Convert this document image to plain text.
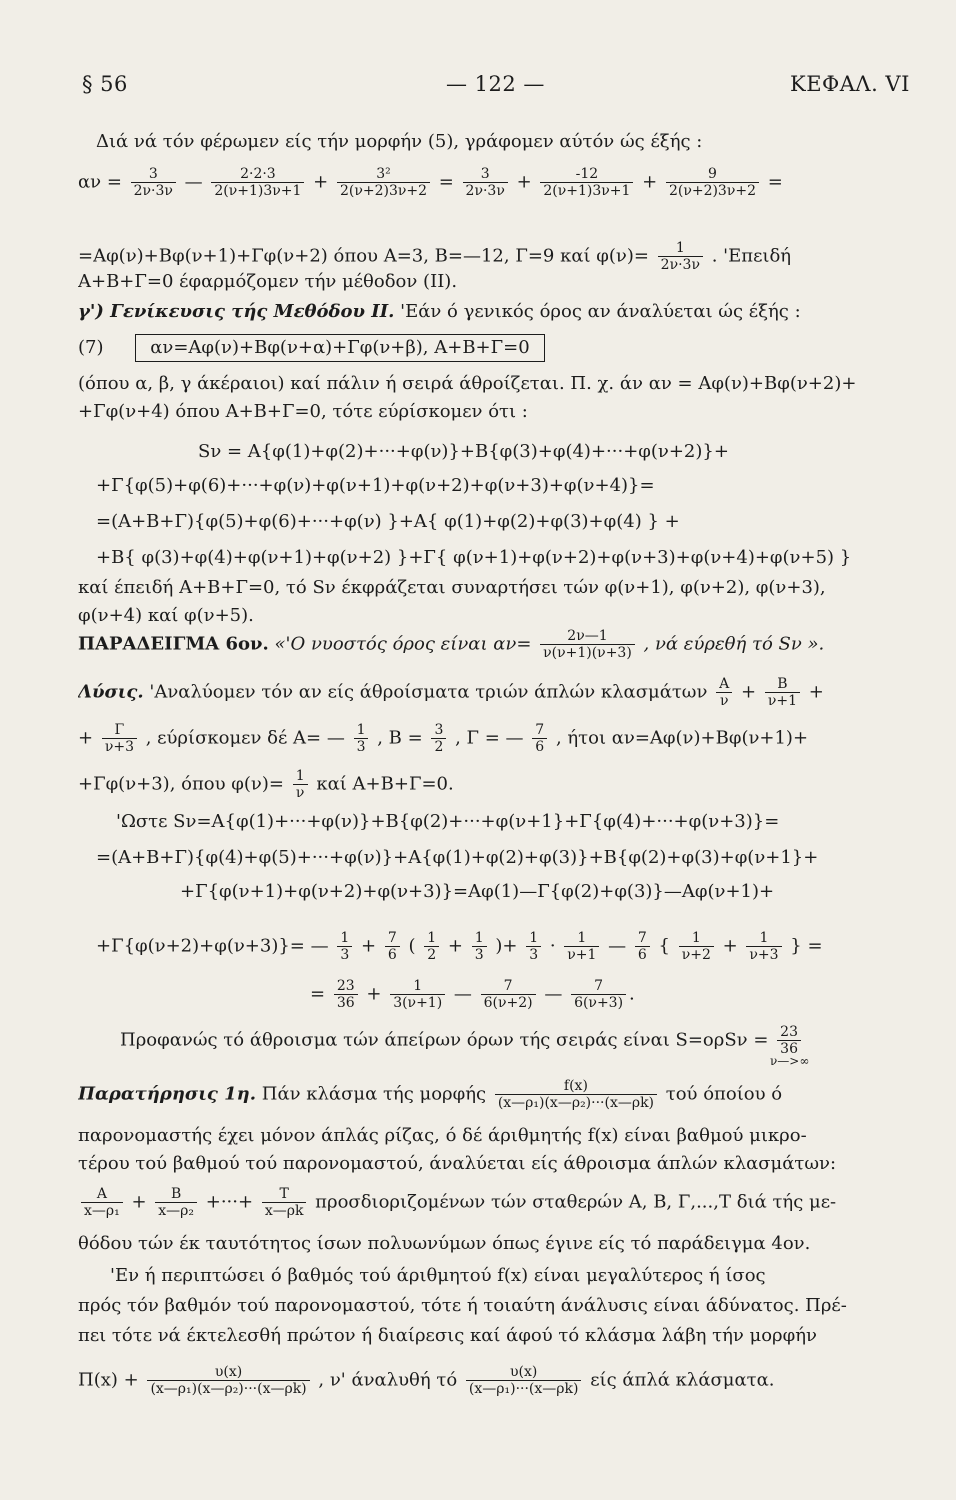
§ 56	— 122 —	ΚΕΦΑΛ. VI
Διά νά τόν φέρωμεν είς τήν μορφήν (5), γράφομεν αύτόν ώς έξής :
$\alpha\nu = \frac{3}{2\nu\cdot 3\nu}$ — $\frac{2\cdot 2\cdot 3}{2(\nu+1)3\nu+1} + \frac{\text{3²}}{2(\nu+2)3\nu+2} = \frac{3}{2\nu\cdot 3\nu} + \frac{-12}{2(\nu+1)3\nu+1} + \frac{9}{2(\nu+2)3\nu+2}$ =
=Αφ(ν)+Βφ(ν+1)+Γφ(ν+2) όπου Α=3, Β=—12, Γ=9 καί $\varphi(\nu)= \frac{1}{2\nu\cdot 3\nu}$ . 'Επειδή
Α+Β+Γ=0 έφαρμόζομεν τήν μέθοδον (II).
γ') Γενίκευσις τής Μεθόδου II. 'Εάν ό γενικός όρος αν άναλύεται ώς έξής :
(7)	αν=Αφ(ν)+Βφ(ν+α)+Γφ(ν+β), Α+Β+Γ=0
(όπου α, β, γ άκέραιοι) καί πάλιν ή σειρά άθροίζεται. Π. χ. άν αν = Αφ(ν)+Βφ(ν+2)+
+Γφ(ν+4) όπου Α+Β+Γ=0, τότε εύρίσκομεν ότι :
Sν = Α{φ(1)+φ(2)+···+φ(ν)}+Β{φ(3)+φ(4)+···+φ(ν+2)}+
+Γ{φ(5)+φ(6)+···+φ(ν)+φ(ν+1)+φ(ν+2)+φ(ν+3)+φ(ν+4)}=
=(Α+Β+Γ){φ(5)+φ(6)+···+φ(ν) }+Α{ φ(1)+φ(2)+φ(3)+φ(4) } +
+Β{ φ(3)+φ(4)+φ(ν+1)+φ(ν+2) }+Γ{ φ(ν+1)+φ(ν+2)+φ(ν+3)+φ(ν+4)+φ(ν+5) }
καί έπειδή Α+Β+Γ=0, τό Sν έκφράζεται συναρτήσει τών φ(ν+1), φ(ν+2), φ(ν+3),
φ(ν+4) καί φ(ν+5).
ΠΑΡΑΔΕΙΓΜΑ 6ον. «'Ο νυοστός όρος είναι $\alpha\nu= \frac{2\nu—1}{\nu(\nu+1)(\nu+3)}$ , νά εύρεθή τό Sν ».
Λύσις. 'Αναλύομεν τόν αν είς άθροίσματα τριών άπλών κλασμάτων $\frac{A}{\nu} + \frac{B}{\nu+1}$ +
+ $\frac{\Gamma}{\nu+3}$ , εύρίσκομεν δέ Α= — $\frac{1}{3}$ , $B = \frac{3}{2}$ , Γ = — $\frac{7}{6}$ , ήτοι αν=Αφ(ν)+Βφ(ν+1)+
+Γφ(ν+3), όπου $\varphi(\nu)= \frac{1}{\nu}$ καί Α+Β+Γ=0.
'Ωστε Sν=Α{φ(1)+···+φ(ν)}+Β{φ(2)+···+φ(ν+1}+Γ{φ(4)+···+φ(ν+3)}=
=(Α+Β+Γ){φ(4)+φ(5)+···+φ(ν)}+Α{φ(1)+φ(2)+φ(3)}+Β{φ(2)+φ(3)+φ(ν+1}+
+Γ{φ(ν+1)+φ(ν+2)+φ(ν+3)}=Αφ(1)—Γ{φ(2)+φ(3)}—Αφ(ν+1)+
+Γ{φ(ν+2)+φ(ν+3)}= — $\frac{1}{3} + \frac{7}{6}$ ( $\frac{1}{2} + \frac{1}{3}$ )+ $\frac{1}{3} \cdot \frac{1}{\nu+1}$ — $\frac{7}{6}$ { $\frac{1}{\nu+2} + \frac{1}{\nu+3}$ } =
= $\frac{23}{36} + \frac{1}{3(\nu+1)}$ — $\frac{7}{6(\nu+2)}$ — $\frac{7}{6(\nu+3)}$ .
Προφανώς τό άθροισμα τών άπείρων όρων τής σειράς είναι $S=o\rho S\nu = \frac{23}{36}$
ν—>∞
Παρατήρησις 1η. Πάν κλάσμα τής μορφής $\frac{f(x)}{\text{(x—ρ₁)(x—ρ₂)···(x—ρk)}}$ τού όποίου ό
παρονομαστής έχει μόνον άπλάς ρίζας, ό δέ άριθμητής f(x) είναι βαθμού μικρο-
τέρου τού βαθμού τού παρονομαστού, άναλύεται είς άθροισμα άπλών κλασμάτων:
$\frac{A}{\text{x—ρ₁}} + \frac{B}{\text{x—ρ₂}}$ +···+ $\frac{T}{x—\rho k}$ προσδιοριζομένων τών σταθερών Α, Β, Γ,...,Τ διά τής με-
θόδου τών έκ ταυτότητος ίσων πολυωνύμων όπως έγινε είς τό παράδειγμα 4ον.
'Εν ή περιπτώσει ό βαθμός τού άριθμητού f(x) είναι μεγαλύτερος ή ίσος
πρός τόν βαθμόν τού παρονομαστού, τότε ή τοιαύτη άνάλυσις είναι άδύνατος. Πρέ-
πει τότε νά έκτελεσθή πρώτον ή διαίρεσις καί άφού τό κλάσμα λάβη τήν μορφήν
$\Pi(x) + \frac{\upsilon(x)}{\text{(x—ρ₁)(x—ρ₂)···(x—ρk)}}$ , ν' άναλυθή τό $\frac{\upsilon(x)}{\text{(x—ρ₁)···(x—ρk)}}$ είς άπλά κλάσματα.
